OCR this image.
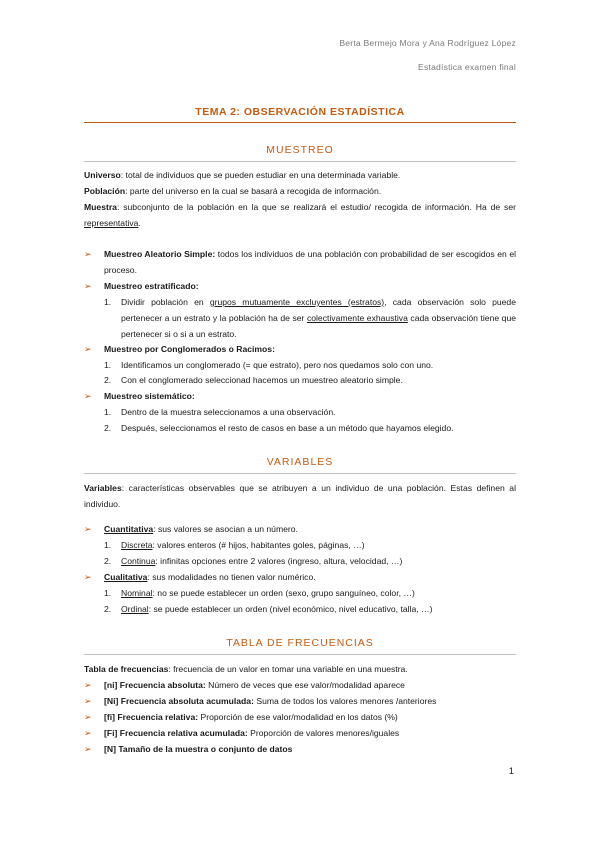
Berta Bermejo Mora y Ana Rodríguez López
Estadística examen final
TEMA 2: OBSERVACIÓN ESTADÍSTICA
MUESTREO
Universo: total de individuos que se pueden estudiar en una determinada variable.
Población: parte del universo en la cual se basará a recogida de información.
Muestra: subconjunto de la población en la que se realizará el estudio/ recogida de información. Ha de ser representativa.
➢	Muestreo Aleatorio Simple: todos los individuos de una población con probabilidad de ser escogidos en el proceso.
➢	Muestreo estratificado:
1.	Dividir población en grupos mutuamente excluyentes (estratos), cada observación solo puede pertenecer a un estrato y la población ha de ser colectivamente exhaustiva cada observación tiene que pertenecer si o si a un estrato.
➢	Muestreo por Conglomerados o Racimos:
1.	Identificamos un conglomerado (= que estrato), pero nos quedamos solo con uno.
2.	Con el conglomerado seleccionad hacemos un muestreo aleatorio simple.
➢	Muestreo sistemático:
1.	Dentro de la muestra seleccionamos a una observación.
2.	Después, seleccionamos el resto de casos en base a un método que hayamos elegido.
VARIABLES
Variables: características observables que se atribuyen a un individuo de una población. Estas definen al individuo.
➢	Cuantitativa: sus valores se asocian a un número.
1.	Discreta: valores enteros (# hijos, habitantes goles, páginas, …)
2.	Continua: infinitas opciones entre 2 valores (ingreso, altura, velocidad, …)
➢	Cualitativa: sus modalidades no tienen valor numérico.
1.	Nominal: no se puede establecer un orden (sexo, grupo sanguíneo, color, …)
2.	Ordinal: se puede establecer un orden (nivel económico, nivel educativo, talla, …)
TABLA DE FRECUENCIAS
Tabla de frecuencias: frecuencia de un valor en tomar una variable en una muestra.
➢	[ni] Frecuencia absoluta: Número de veces que ese valor/modalidad aparece
➢	[Ni] Frecuencia absoluta acumulada: Suma de todos los valores menores /anteriores
➢	[fi] Frecuencia relativa: Proporción de ese valor/modalidad en los datos (%)
➢	[Fi] Frecuencia relativa acumulada: Proporción de valores menores/iguales
➢	[N] Tamaño de la muestra o conjunto de datos
1
